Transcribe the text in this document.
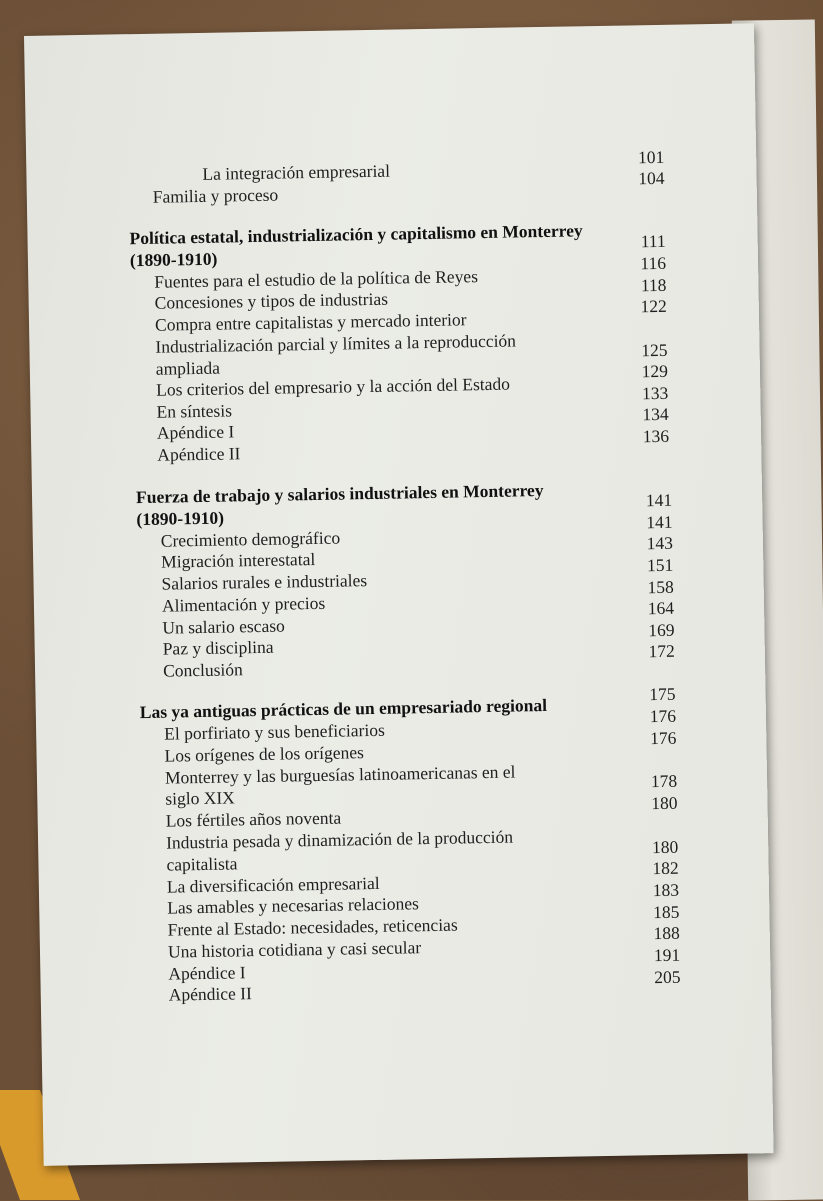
La integración empresarial
Familia y proceso
Política estatal, industrialización y capitalismo en Monterrey
(1890-1910)
Fuentes para el estudio de la política de Reyes
Concesiones y tipos de industrias
Compra entre capitalistas y mercado interior
Industrialización parcial y límites a la reproducción
ampliada
Los criterios del empresario y la acción del Estado
En síntesis
Apéndice I
Apéndice II
Fuerza de trabajo y salarios industriales en Monterrey
(1890-1910)
Crecimiento demográfico
Migración interestatal
Salarios rurales e industriales
Alimentación y precios
Un salario escaso
Paz y disciplina
Conclusión
Las ya antiguas prácticas de un empresariado regional
El porfiriato y sus beneficiarios
Los orígenes de los orígenes
Monterrey y las burguesías latinoamericanas en el
siglo XIX
Los fértiles años noventa
Industria pesada y dinamización de la producción
capitalista
La diversificación empresarial
Las amables y necesarias relaciones
Frente al Estado: necesidades, reticencias
Una historia cotidiana y casi secular
Apéndice I
Apéndice II
101
104
111
116
118
122
125
129
133
134
136
141
141
143
151
158
164
169
172
175
176
176
178
180
180
182
183
185
188
191
205
